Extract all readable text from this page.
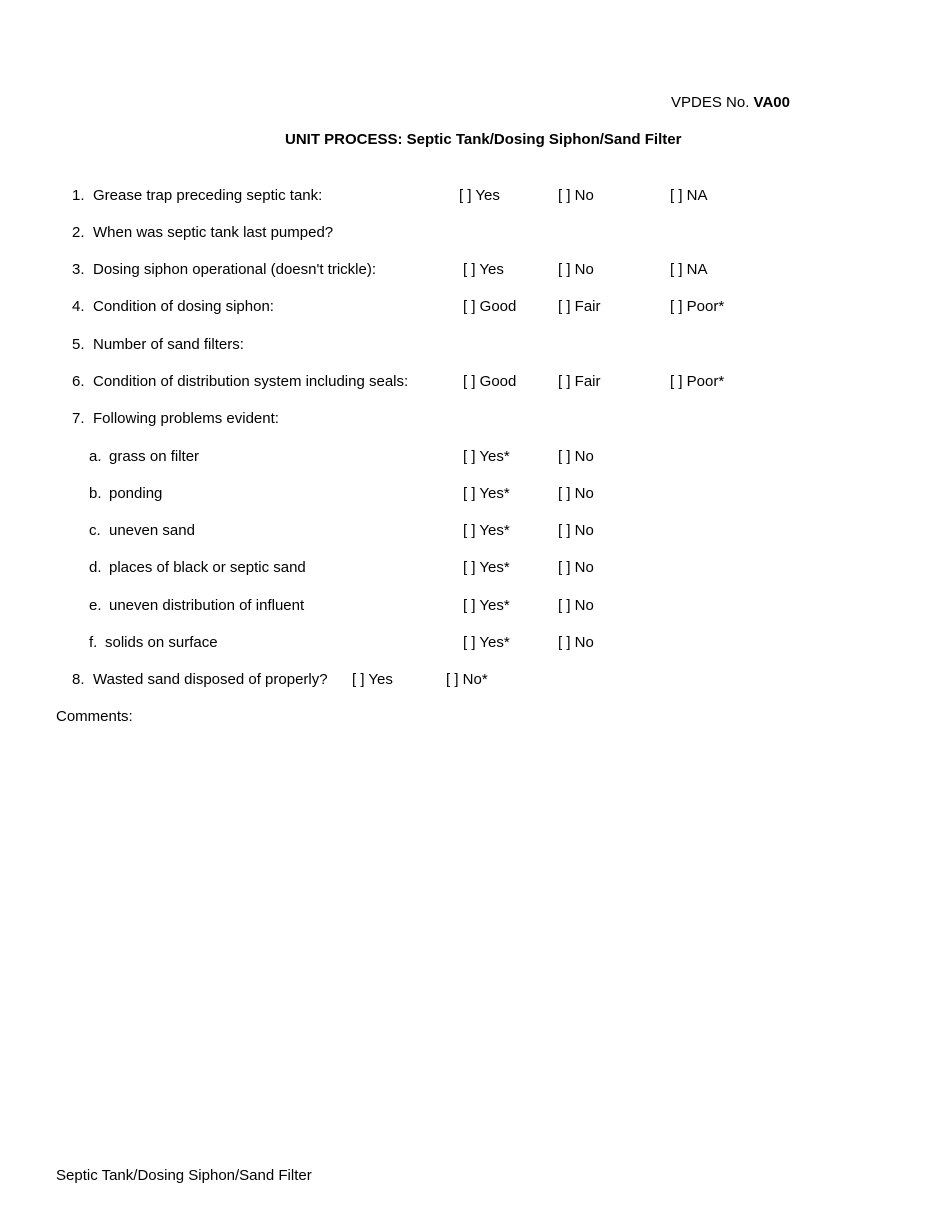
VPDES No. VA00
UNIT PROCESS: Septic Tank/Dosing Siphon/Sand Filter
1. Grease trap preceding septic tank:	[ ] Yes	[ ] No	[ ] NA
2. When was septic tank last pumped?
3. Dosing siphon operational (doesn't trickle):	[ ] Yes	[ ] No	[ ] NA
4. Condition of dosing siphon:	[ ] Good	[ ] Fair	[ ] Poor*
5. Number of sand filters:
6. Condition of distribution system including seals:	[ ] Good	[ ] Fair	[ ] Poor*
7. Following problems evident:
a. grass on filter	[ ] Yes*	[ ] No
b. ponding	[ ] Yes*	[ ] No
c. uneven sand	[ ] Yes*	[ ] No
d. places of black or septic sand	[ ] Yes*	[ ] No
e. uneven distribution of influent	[ ] Yes*	[ ] No
f. solids on surface	[ ] Yes*	[ ] No
8. Wasted sand disposed of properly? [ ] Yes	[ ] No*
Comments:
Septic Tank/Dosing Siphon/Sand Filter
